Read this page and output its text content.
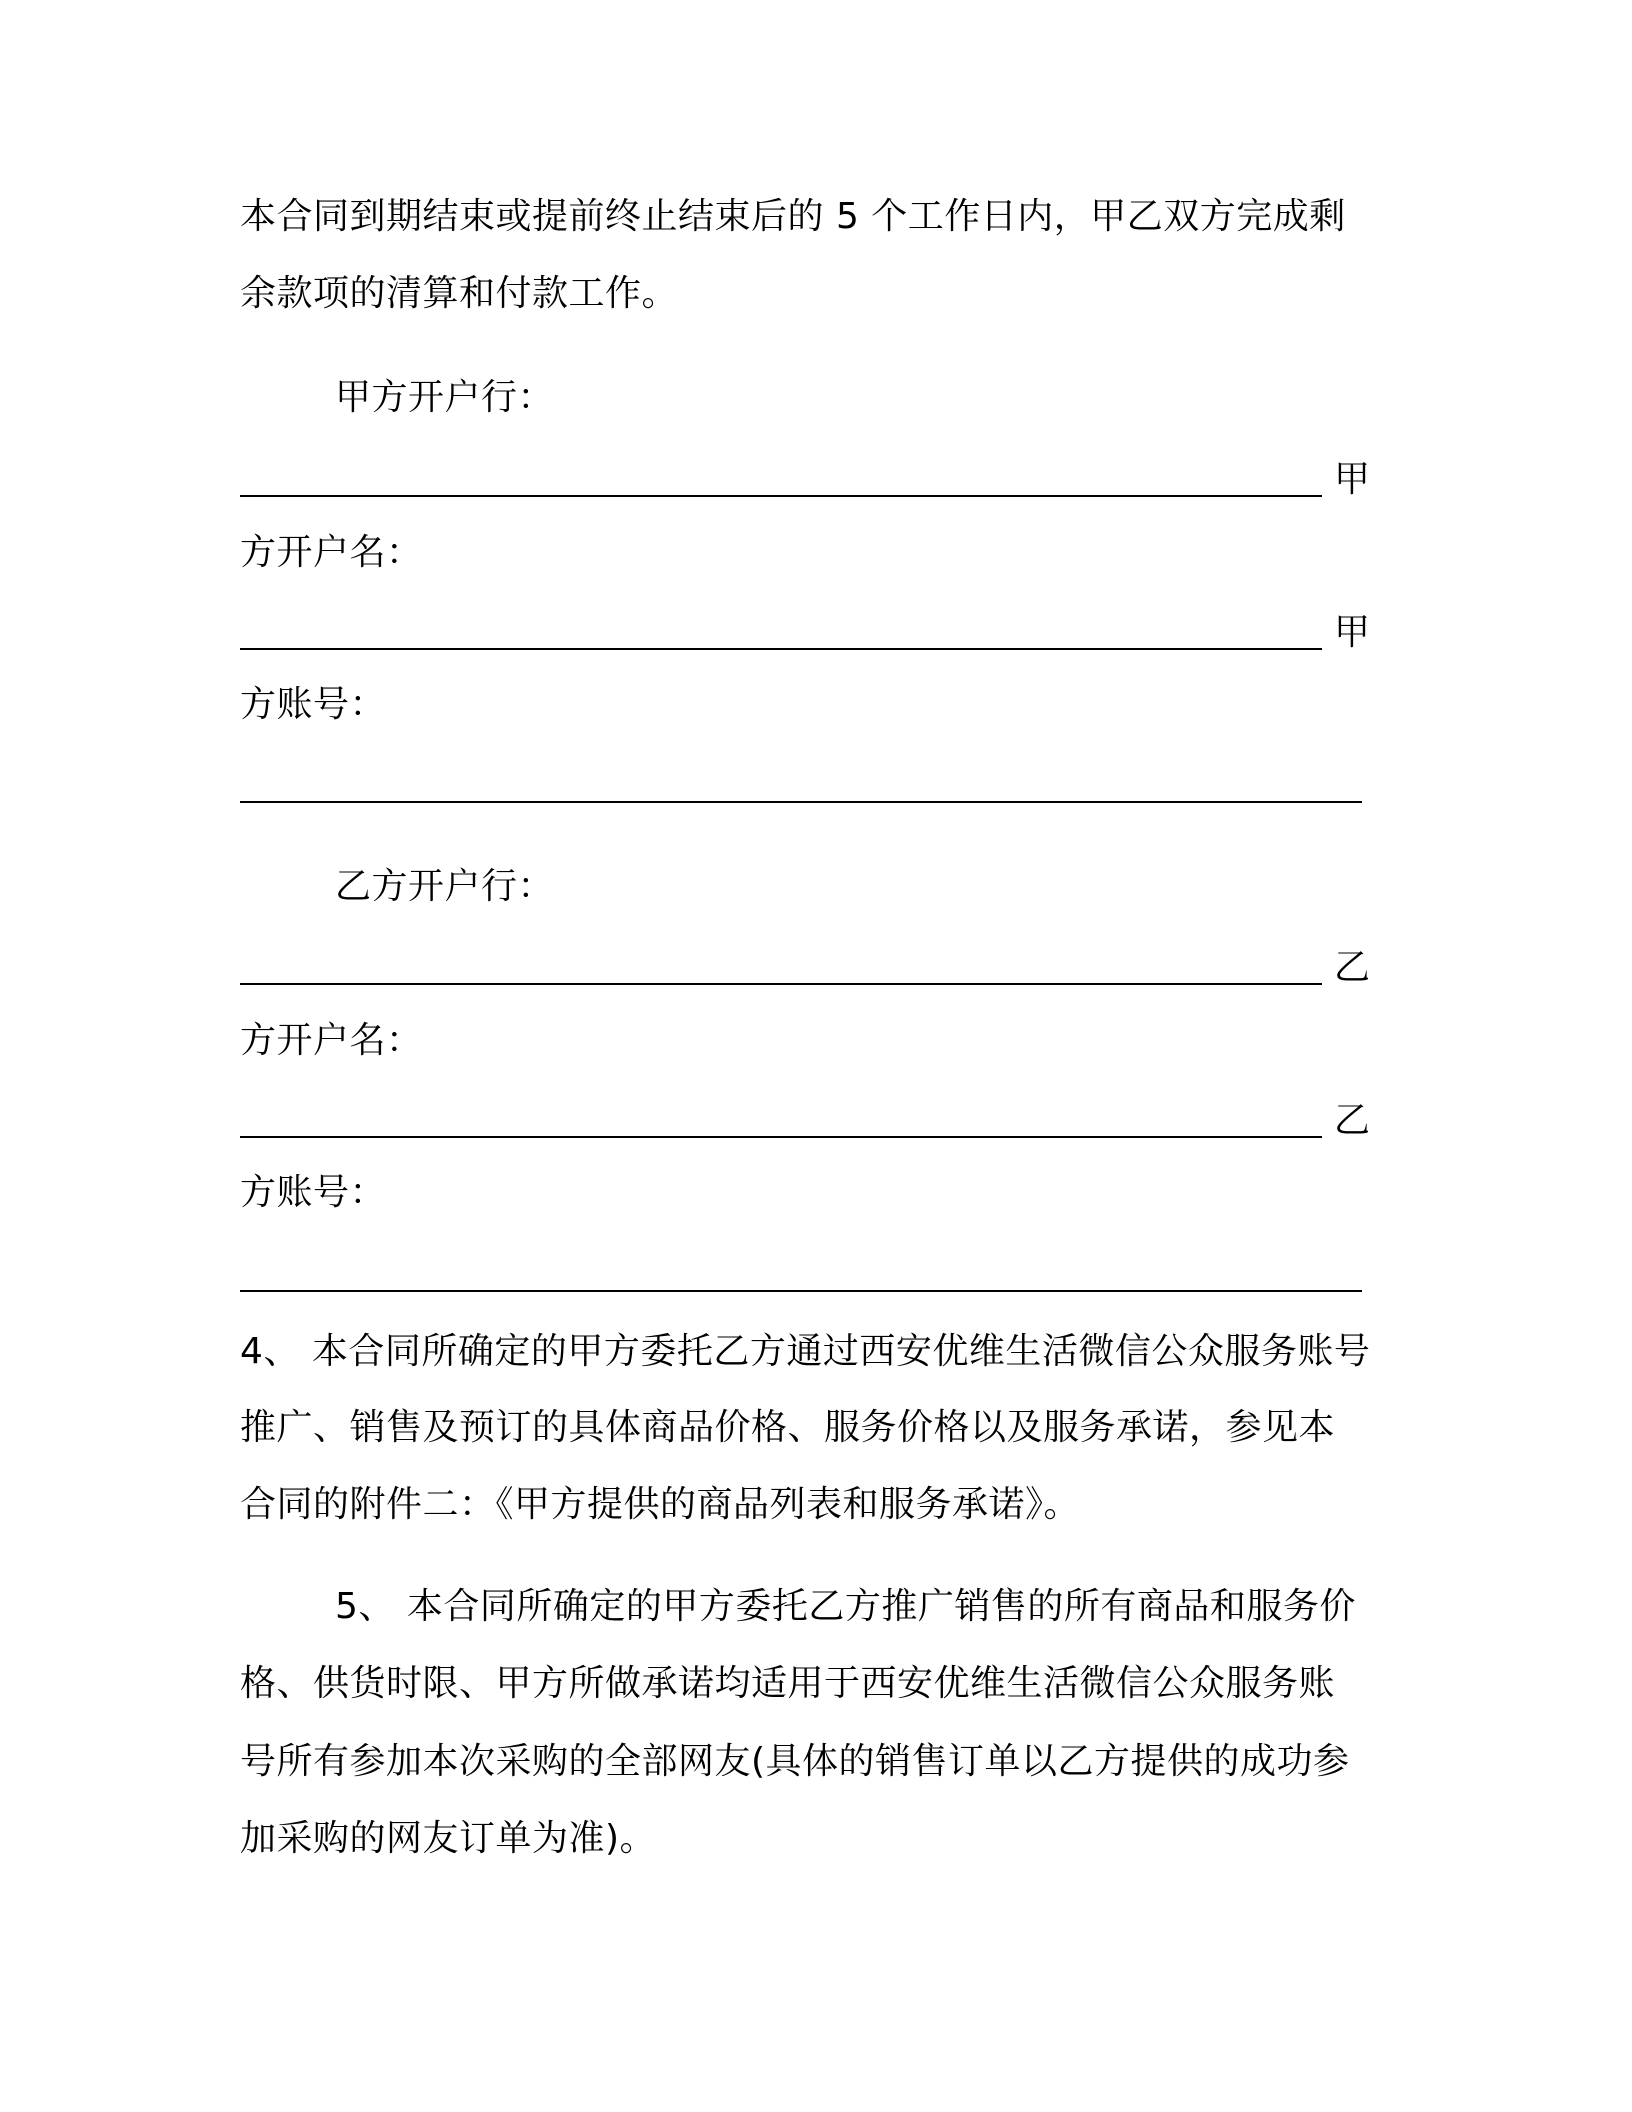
本合同到期结束或提前终止结束后的 5 个工作日内，甲乙双方完成剩
余款项的清算和付款工作。
甲方开户行：
甲
方开户名：
甲
方账号：
乙方开户行：
乙
方开户名：
乙
方账号：
4、 本合同所确定的甲方委托乙方通过西安优维生活微信公众服务账号
推广、销售及预订的具体商品价格、服务价格以及服务承诺，参见本
合同的附件二：《甲方提供的商品列表和服务承诺》。
5、 本合同所确定的甲方委托乙方推广销售的所有商品和服务价
格、供货时限、甲方所做承诺均适用于西安优维生活微信公众服务账
号所有参加本次采购的全部网友(具体的销售订单以乙方提供的成功参
加采购的网友订单为准)。
